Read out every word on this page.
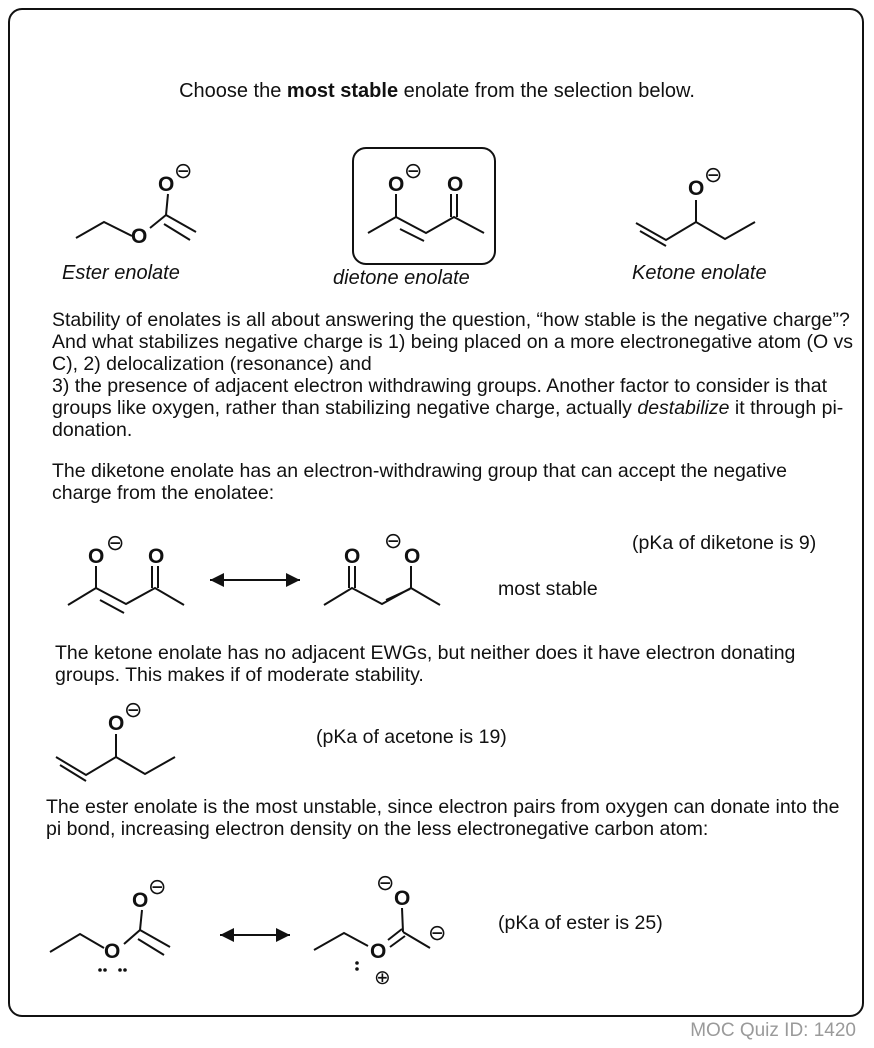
Choose the most stable enolate from the selection below.
O
O
⊖
Ester enolate
O
⊖
O
dietone enolate
O
⊖
Ketone enolate
Stability of enolates is all about answering the question, “how stable is the negative charge”? And what stabilizes negative charge is 1) being placed on a more electronegative atom (O vs C), 2) delocalization (resonance) and
3) the presence of adjacent electron withdrawing groups. Another factor to consider is that groups like oxygen, rather than stabilizing negative charge, actually destabilize it through pi-donation.
The diketone enolate has an electron-withdrawing group that can accept the negative charge from the enolatee:
(pKa of diketone is 9)
O
⊖
O	O
⊖
O
most stable
The ketone enolate has no adjacent EWGs, but neither does it have electron donating groups. This makes if of moderate stability.
O
⊖
(pKa of acetone is 19)
The ester enolate is the most unstable, since electron pairs from oxygen can donate into the pi bond, increasing electron density on the less electronegative carbon atom:
O
O
⊖
O
⊕
O
⊖
⊖	(pKa of ester is 25)
MOC Quiz ID: 1420
